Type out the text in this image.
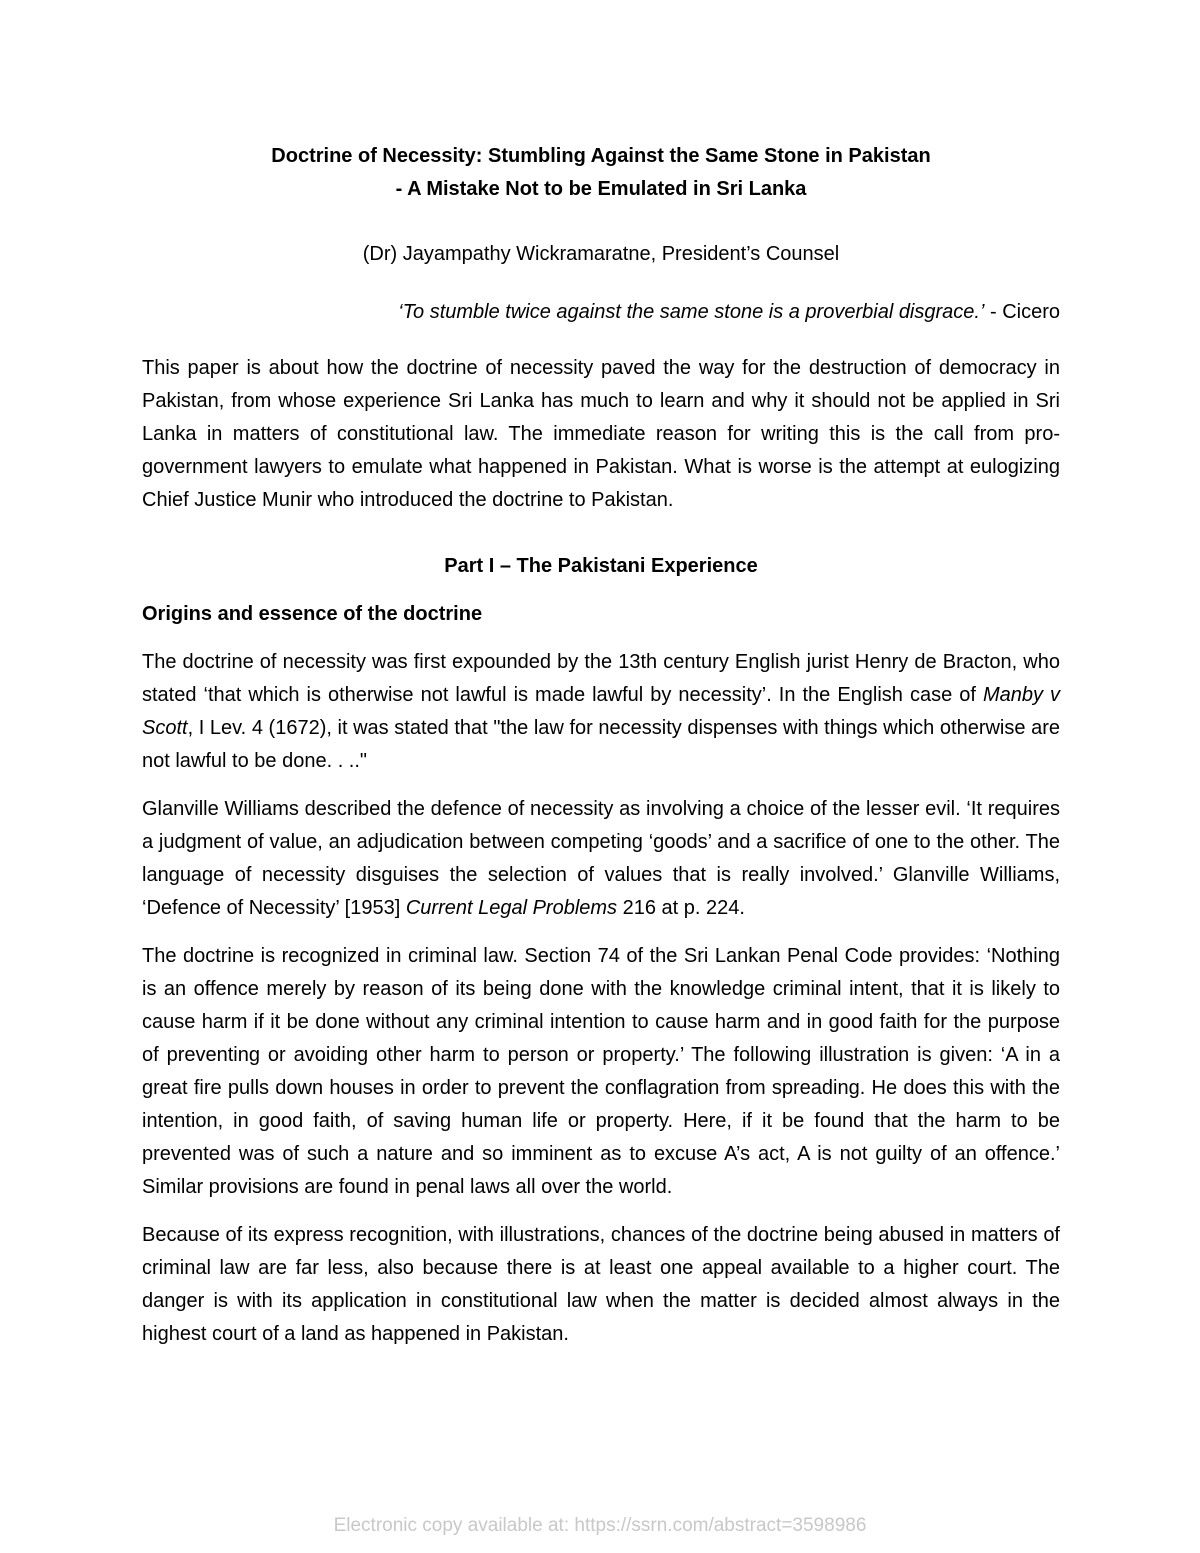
Doctrine of Necessity: Stumbling Against the Same Stone in Pakistan
- A Mistake Not to be Emulated in Sri Lanka
(Dr) Jayampathy Wickramaratne, President’s Counsel
‘To stumble twice against the same stone is a proverbial disgrace.’ - Cicero

This paper is about how the doctrine of necessity paved the way for the destruction of democracy in Pakistan, from whose experience Sri Lanka has much to learn and why it should not be applied in Sri Lanka in matters of constitutional law. The immediate reason for writing this is the call from pro-government lawyers to emulate what happened in Pakistan. What is worse is the attempt at eulogizing Chief Justice Munir who introduced the doctrine to Pakistan.

Part I – The Pakistani Experience
Origins and essence of the doctrine

The doctrine of necessity was first expounded by the 13th century English jurist Henry de Bracton, who stated ‘that which is otherwise not lawful is made lawful by necessity’. In the English case of Manby v Scott, I Lev. 4 (1672), it was stated that "the law for necessity dispenses with things which otherwise are not lawful to be done. . .."

Glanville Williams described the defence of necessity as involving a choice of the lesser evil. ‘It requires a judgment of value, an adjudication between competing ‘goods’ and a sacrifice of one to the other. The language of necessity disguises the selection of values that is really involved.’ Glanville Williams, ‘Defence of Necessity’ [1953] Current Legal Problems 216 at p. 224.

The doctrine is recognized in criminal law. Section 74 of the Sri Lankan Penal Code provides: ‘Nothing is an offence merely by reason of its being done with the knowledge criminal intent, that it is likely to cause harm if it be done without any criminal intention to cause harm and in good faith for the purpose of preventing or avoiding other harm to person or property.’ The following illustration is given: ‘A in a great fire pulls down houses in order to prevent the conflagration from spreading. He does this with the intention, in good faith, of saving human life or property. Here, if it be found that the harm to be prevented was of such a nature and so imminent as to excuse A’s act, A is not guilty of an offence.’ Similar provisions are found in penal laws all over the world.

Because of its express recognition, with illustrations, chances of the doctrine being abused in matters of criminal law are far less, also because there is at least one appeal available to a higher court. The danger is with its application in constitutional law when the matter is decided almost always in the highest court of a land as happened in Pakistan.

Electronic copy available at: https://ssrn.com/abstract=3598986
